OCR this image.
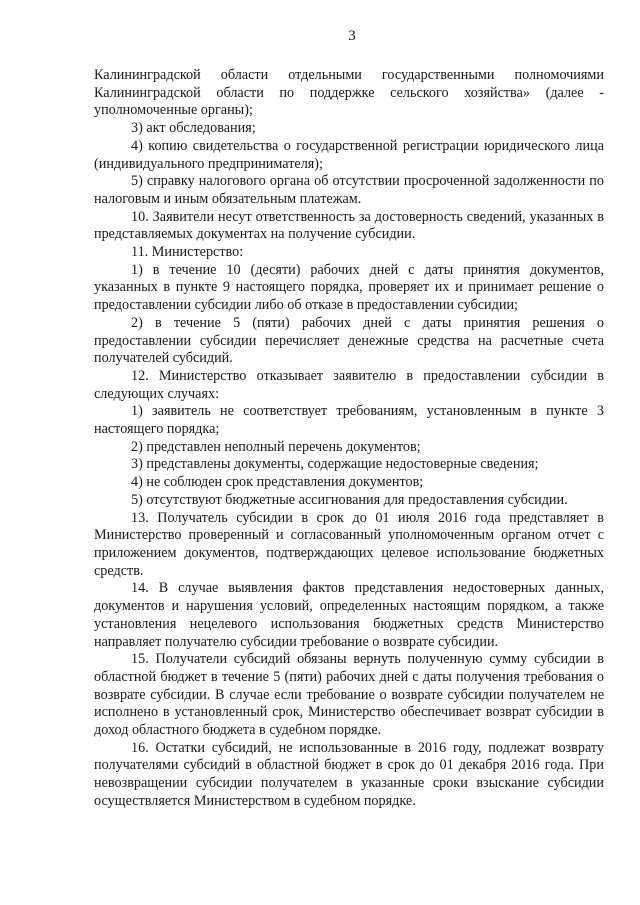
3

Калининградской области отдельными государственными полномочиями Калининградской области по поддержке сельского хозяйства» (далее - уполномоченные органы);

3) акт обследования;

4) копию свидетельства о государственной регистрации юридического лица (индивидуального предпринимателя);

5) справку налогового органа об отсутствии просроченной задолженности по налоговым и иным обязательным платежам.

10. Заявители несут ответственность за достоверность сведений, указанных в представляемых документах на получение субсидии.

11. Министерство:

1) в течение 10 (десяти) рабочих дней с даты принятия документов, указанных в пункте 9 настоящего порядка, проверяет их и принимает решение о предоставлении субсидии либо об отказе в предоставлении субсидии;

2) в течение 5 (пяти) рабочих дней с даты принятия решения о предоставлении субсидии перечисляет денежные средства на расчетные счета получателей субсидий.

12. Министерство отказывает заявителю в предоставлении субсидии в следующих случаях:

1) заявитель не соответствует требованиям, установленным в пункте 3 настоящего порядка;

2) представлен неполный перечень документов;

3) представлены документы, содержащие недостоверные сведения;

4) не соблюден срок представления документов;

5) отсутствуют бюджетные ассигнования для предоставления субсидии.

13. Получатель субсидии в срок до 01 июля 2016 года представляет в Министерство проверенный и согласованный уполномоченным органом отчет с приложением документов, подтверждающих целевое использование бюджетных средств.

14. В случае выявления фактов представления недостоверных данных, документов и нарушения условий, определенных настоящим порядком, а также установления нецелевого использования бюджетных средств Министерство направляет получателю субсидии требование о возврате субсидии.

15. Получатели субсидий обязаны вернуть полученную сумму субсидии в областной бюджет в течение 5 (пяти) рабочих дней с даты получения требования о возврате субсидии. В случае если требование о возврате субсидии получателем не исполнено в установленный срок, Министерство обеспечивает возврат субсидии в доход областного бюджета в судебном порядке.

16. Остатки субсидий, не использованные в 2016 году, подлежат возврату получателями субсидий в областной бюджет в срок до 01 декабря 2016 года. При невозвращении субсидии получателем в указанные сроки взыскание субсидии осуществляется Министерством в судебном порядке.
